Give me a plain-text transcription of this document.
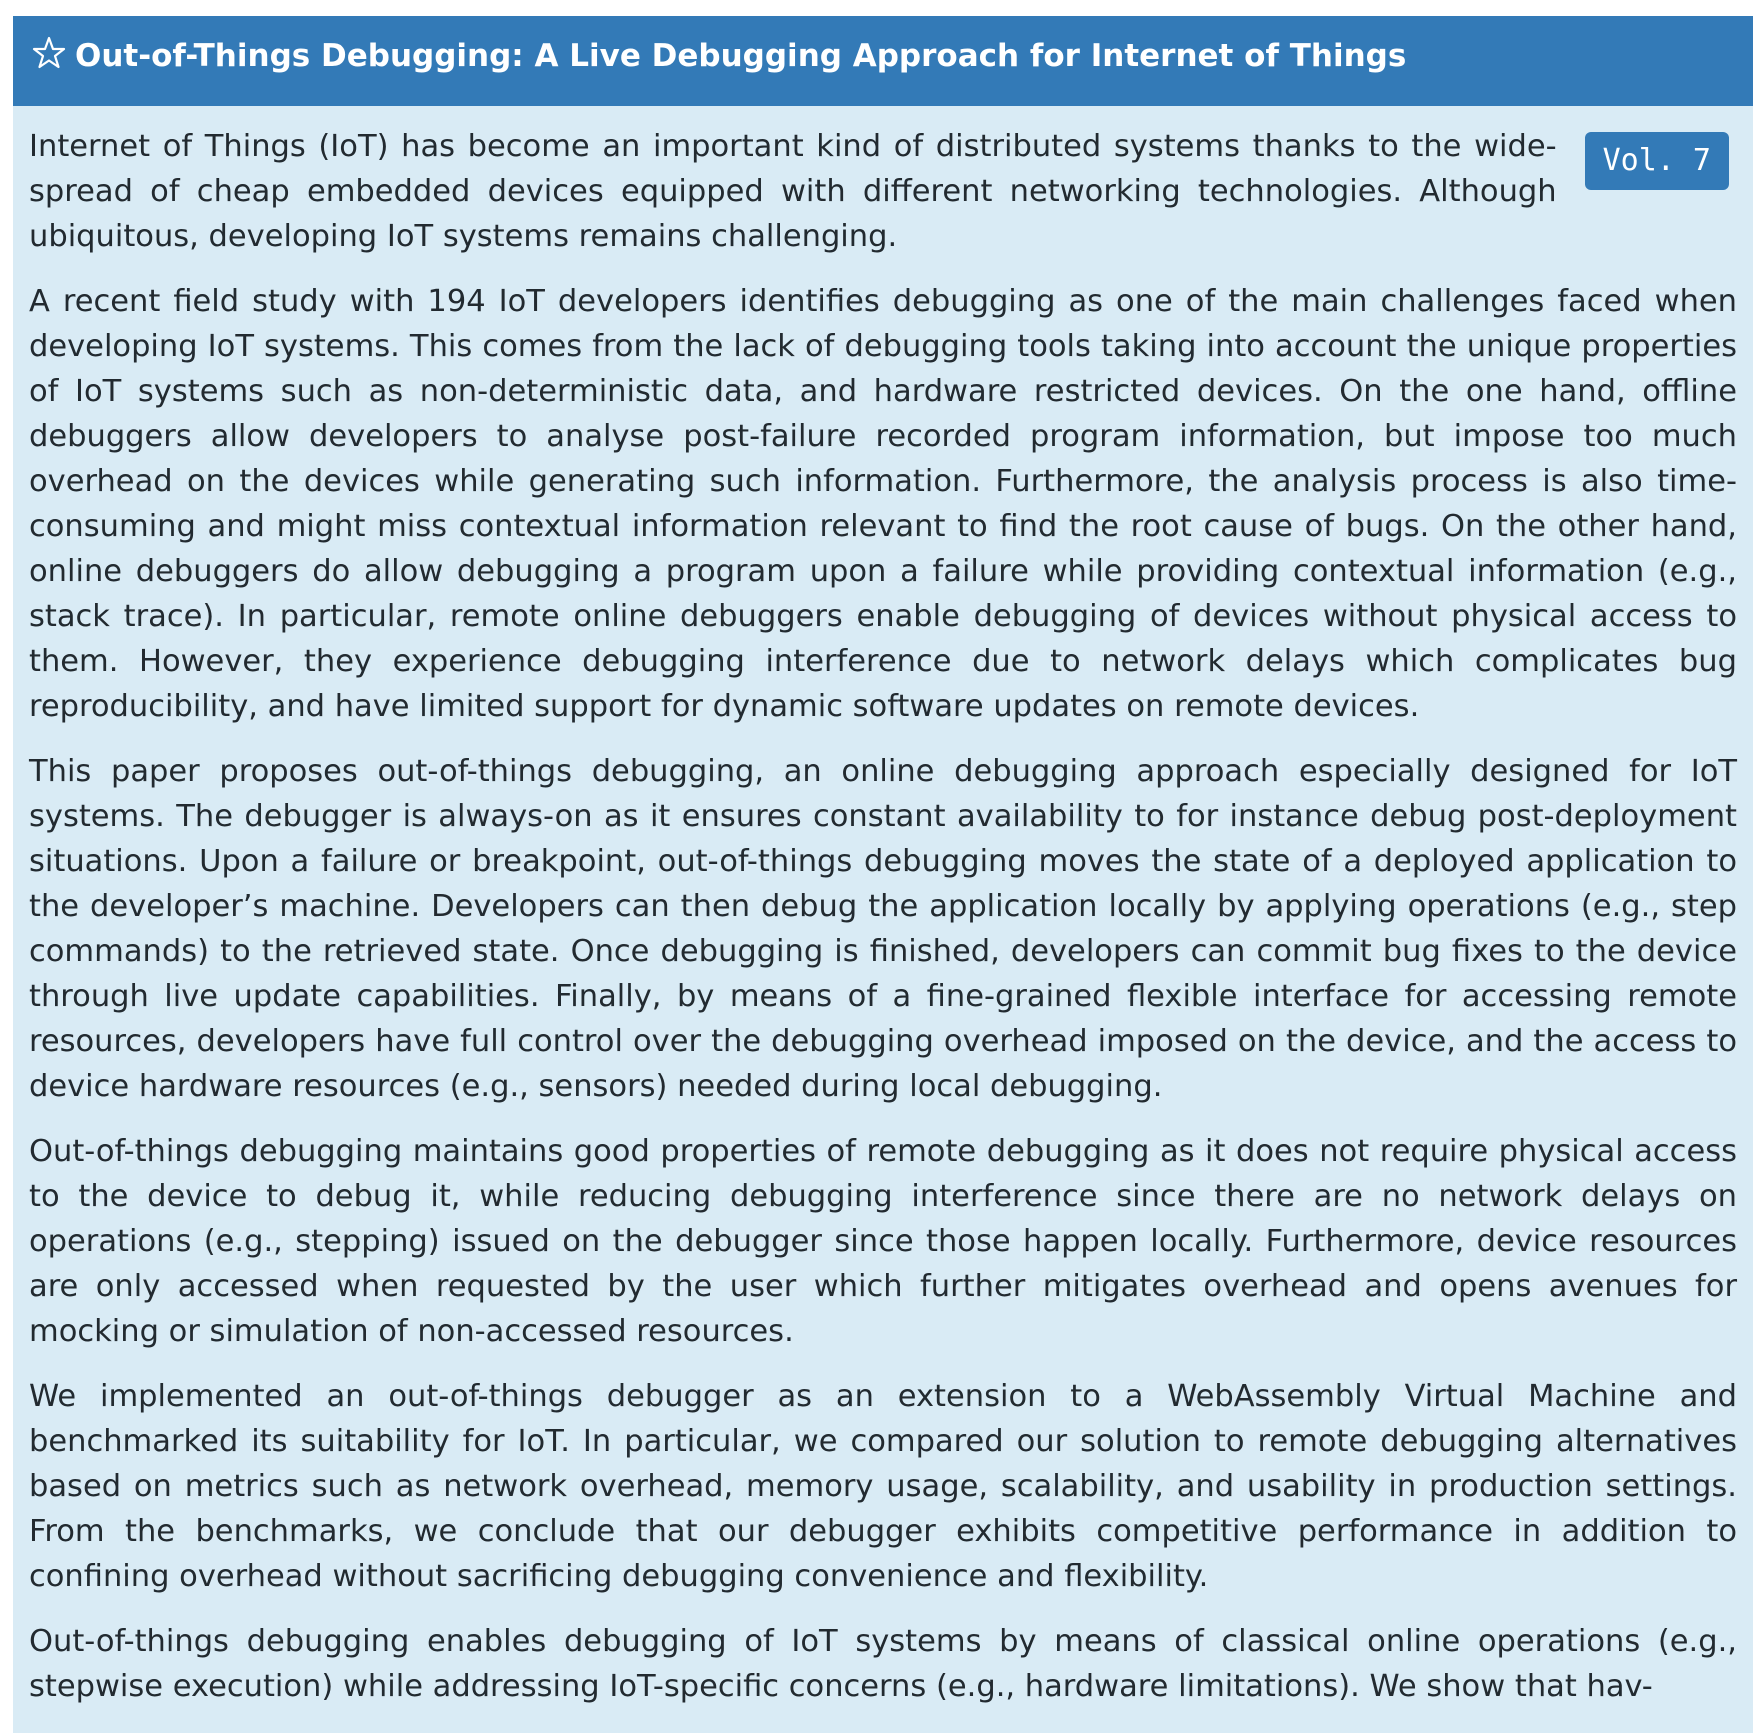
Out-of-Things Debugging: A Live Debugging Approach for Internet of Things

Vol. 7
Internet of Things (IoT) has become an important kind of distributed systems thanks to the wide-spread of cheap embedded devices equipped with different networking technologies. Although ubiquitous, developing IoT systems remains challenging.

A recent field study with 194 IoT developers identifies debugging as one of the main challenges faced when developing IoT systems. This comes from the lack of debugging tools taking into account the unique properties of IoT systems such as non-deterministic data, and hardware restricted devices. On the one hand, offline debuggers allow developers to analyse post-failure recorded program information, but impose too much overhead on the devices while generating such information. Furthermore, the analysis process is also time-consuming and might miss contextual information relevant to find the root cause of bugs. On the other hand, online debuggers do allow debugging a program upon a failure while providing contextual information (e.g., stack trace). In particular, remote online debuggers enable debugging of devices without physical access to them. However, they experience debugging interference due to network delays which complicates bug reproducibility, and have limited support for dynamic software updates on remote devices.

This paper proposes out-of-things debugging, an online debugging approach especially designed for IoT systems. The debugger is always-on as it ensures constant availability to for instance debug post-deployment situations. Upon a failure or breakpoint, out-of-things debugging moves the state of a deployed application to the developer’s machine. Developers can then debug the application locally by applying operations (e.g., step commands) to the retrieved state. Once debugging is finished, developers can commit bug fixes to the device through live update capabilities. Finally, by means of a fine-grained flexible interface for accessing remote resources, developers have full control over the debugging overhead imposed on the device, and the access to device hardware resources (e.g., sensors) needed during local debugging.

Out-of-things debugging maintains good properties of remote debugging as it does not require physical access to the device to debug it, while reducing debugging interference since there are no network delays on operations (e.g., stepping) issued on the debugger since those happen locally. Furthermore, device resources are only accessed when requested by the user which further mitigates overhead and opens avenues for mocking or simulation of non-accessed resources.

We implemented an out-of-things debugger as an extension to a WebAssembly Virtual Machine and benchmarked its suitability for IoT. In particular, we compared our solution to remote debugging alternatives based on metrics such as network overhead, memory usage, scalability, and usability in production settings. From the benchmarks, we conclude that our debugger exhibits competitive performance in addition to confining overhead without sacrificing debugging convenience and flexibility.

Out-of-things debugging enables debugging of IoT systems by means of classical online operations (e.g., stepwise execution) while addressing IoT-specific concerns (e.g., hardware limitations). We show that hav-
